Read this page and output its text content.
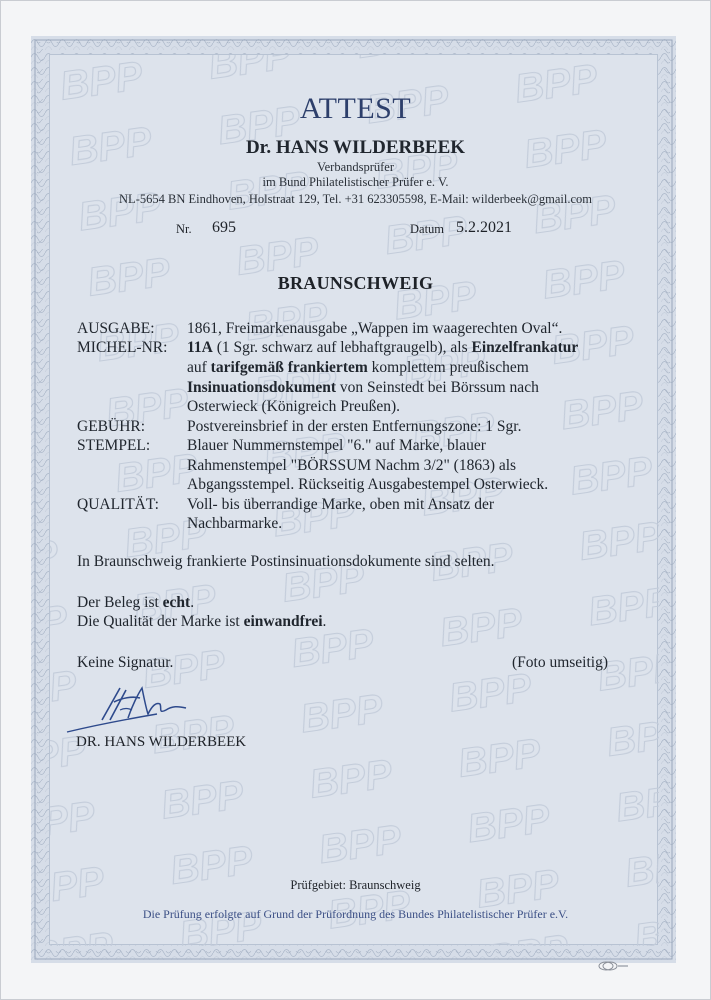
ATTEST
Dr. HANS WILDERBEEK
Verbandsprüfer
im Bund Philatelistischer Prüfer e. V.
NL-5654 BN Eindhoven, Holstraat 129, Tel. +31 623305598, E-Mail: wilderbeek@gmail.com
Nr. 695	Datum 5.2.2021
BRAUNSCHWEIG
AUSGABE: 1861, Freimarkenausgabe „Wappen im waagerechten Oval“.
MICHEL-NR: 11A (1 Sgr. schwarz auf lebhaftgraugelb), als Einzelfrankatur
auf tarifgemäß frankiertem komplettem preußischem
Insinuationsdokument von Seinstedt bei Börssum nach
Osterwieck (Königreich Preußen).
GEBÜHR:	Postvereinsbrief in der ersten Entfernungszone: 1 Sgr.
STEMPEL: Blauer Nummernstempel "6." auf Marke, blauer
Rahmenstempel "BÖRSSUM Nachm 3/2" (1863) als
Abgangsstempel. Rückseitig Ausgabestempel Osterwieck.
QUALITÄT: Voll- bis überrandige Marke, oben mit Ansatz der
Nachbarmarke.
In Braunschweig frankierte Postinsinuationsdokumente sind selten.
Der Beleg ist echt.
Die Qualität der Marke ist einwandfrei.
Keine Signatur.	(Foto umseitig)
DR. HANS WILDERBEEK
Prüfgebiet: Braunschweig
Die Prüfung erfolgte auf Grund der Prüfordnung des Bundes Philatelistischer Prüfer e.V.
